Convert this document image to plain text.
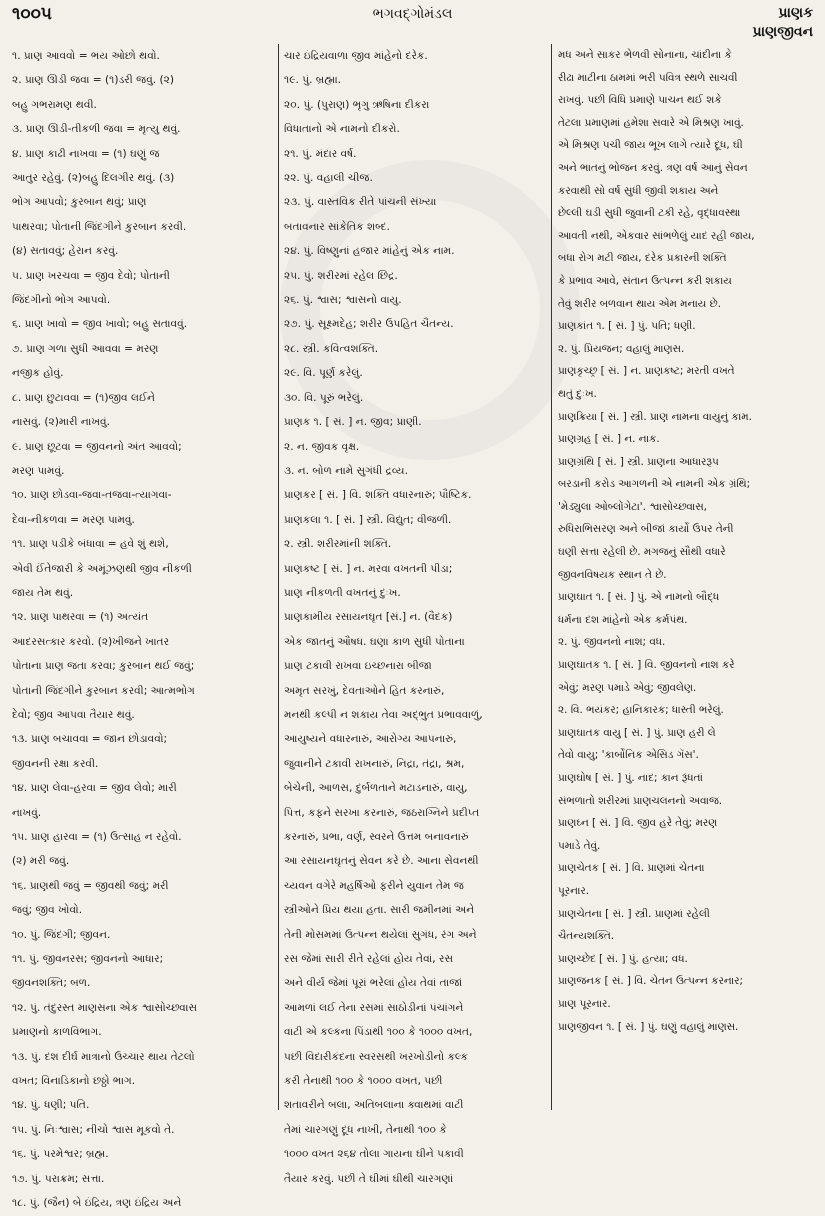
૧૦૦૫	ભગવદ્ગોમંડલ	પ્રાણક
પ્રાણજીવન
૧. પ્રાણ આવવો = ભય ઓછો થવો.
૨. પ્રાણ ઊડી જવા = (૧)ડરી જવું. (૨)
બહુ ગભરામણ થવી.
૩. પ્રાણ ઊડી-તીકળી જવા = મૃત્યુ થવું.
૪. પ્રાણ કાઢી નાખવા = (૧) ઘણું જ
આતુર રહેવું. (૨)બહુ દિલગીર થવું. (૩)
ભોગ આપવો; કુરબાન થવું; પ્રાણ
પાથરવા; પોતાની જિંદગીને કુરબાન કરવી.
(૪) સતાવવું; હેરાન કરવું.
૫. પ્રાણ ખરચવા = જીવ દેવો; પોતાની
જિંદગીનો ભોગ આપવો.
૬. પ્રાણ ખાવો = જીવ ખાવો; બહુ સતાવવું.
૭. પ્રાણ ગળા સુધી આવવા = મરણ
નજીક હોવું.
૮. પ્રાણ છુટાવવા = (૧)જીવ લઈને
નાસવું. (૨)મારી નાખવું.
૯. પ્રાણ છૂટવા = જીવનનો અંત આવવો;
મરણ પામવું.
૧૦. પ્રાણ છોડવા-જવા-તજવા-ત્યાગવા-
દેવા-નીકળવા = મરણ પામવું.
૧૧. પ્રાણ પડીકે બંધાવા = હવે શું થશે,
એવી ઈંતેજારી કે અમૂંઝણથી જીવ નીકળી
જાય તેમ થવું.
૧૨. પ્રાણ પાથરવા = (૧) અત્યંત
આદરસત્કાર કરવો. (૨)ખીજને ખાતર
પોતાના પ્રાણ જતા કરવા; કુરબાન થઈ જવું;
પોતાની જિંદગીને કુરબાન કરવી; આત્મભોગ
દેવો; જીવ આપવા તૈયાર થવું.
૧૩. પ્રાણ બચાવવા = જાન છોડાવવો;
જીવનની રક્ષા કરવી.
૧૪. પ્રાણ લેવા-હરવા = જીવ લેવો; મારી
નાખવું.
૧૫. પ્રાણ હારવા = (૧) ઉત્સાહ ન રહેવો.
(૨) મરી જવું.
૧૬. પ્રાણથી જવું = જીવથી જવું; મરી
જવું; જીવ ખોવો.
૧૦. પું. જિંદગી; જીવન.
૧૧. પું. જીવનરસ; જીવનનો આધાર;
જીવનશક્તિ; બળ.
૧૨. પું. તંદુરસ્ત માણસના એક શ્વાસોચ્છ્વાસ
પ્રમાણનો કાળવિભાગ.
૧૩. પું. દશ દીર્ઘ માત્રાનો ઉચ્ચાર થાય તેટલો
વખત; વિનાડિકાનો છઠ્ઠો ભાગ.
૧૪. પું. ધણી; પતિ.
૧૫. પું. નિઃશ્વાસ; નીચો શ્વાસ મૂકવો તે.
૧૬. પું. પરમેશ્વર; બ્રહ્મ.
૧૭. પું. પરાક્રમ; સત્તા.
૧૮. પું. (જૈન) બે ઇંદ્રિય, ત્રણ ઇંદ્રિય અને
ચાર ઇંદ્રિયવાળા જીવ માંહેનો દરેક.
૧૯. પું. બ્રહ્મા.
૨૦. પું. (પુરાણ) ભૃગુ ઋષિના દીકરા
વિધાતાનો એ નામનો દીકરો.
૨૧. પું. મંદાર વર્ષ.
૨૨. પું. વહાલી ચીજ.
૨૩. પું. વાસ્તવિક રીતે પાંચની સંખ્યા
બતાવનાર સાંકેતિક શબ્દ.
૨૪. પું. વિષ્ણુનાં હજાર માંહેનું એક નામ.
૨૫. પું. શરીરમાં રહેલ છિદ્ર.
૨૬. પું. શ્વાસ; શ્વાસનો વાયુ.
૨૭. પું. સૂક્ષ્મદેહ; શરીર ઉપહિત ચૈતન્ય.
૨૮. સ્ત્રી. કવિત્વશક્તિ.
૨૯. વિ. પૂર્ણ કરેલું.
૩૦. વિ. પૂરું ભરેલું.
પ્રાણક ૧. [ સં. ] ન. જીવ; પ્રાણી.
૨. ન. જીવક વૃક્ષ.
૩. ન. બોળ નામે સુગંધી દ્રવ્ય.
પ્રાણકર [ સં. ] વિ. શક્તિ વધારનારું; પૌષ્ટિક.
પ્રાણકલા ૧. [ સં. ] સ્ત્રી. વિદ્યુત; વીજળી.
૨. સ્ત્રી. શરીરમાંની શક્તિ.
પ્રાણકષ્ટ [ સં. ] ન. મરવા વખતની પીડા;
પ્રાણ નીકળતી વખતનું દુઃખ.
પ્રાણકામીય રસાયનઘૃત [સં.] ન. (વૈદક)
એક જાતનું ઔષધ. ઘણા કાળ સુધી પોતાના
પ્રાણ ટકાવી રાખવા ઇચ્છનારા બીજા
અમૃત સરખું, દેવતાઓને હિત કરનારું,
મનથી કલ્પી ન શકાય તેવા અદ્ભુત પ્રભાવવાળું,
આયુષ્યને વધારનારું, આરોગ્ય આપનારું,
જુવાનીને ટકાવી રાખનારું, નિદ્રા, તંદ્રા, શ્રમ,
બેચેની, આળસ, દુર્બળતાને મટાડનારું, વાયુ,
પિત્ત, કફને સરખા કરનારું, જઠરાગ્નિને પ્રદીપ્ત
કરનારું, પ્રભા, વર્ણ, સ્વરને ઉત્તમ બનાવનારું
આ રસાયનઘૃતનું સેવન કરે છે. આના સેવનથી
ચ્યવન વગેરે મહર્ષિઓ ફરીને યુવાન તેમ જ
સ્ત્રીઓને પ્રિય થયા હતા. સારી જમીનમાં અને
તેની મોસમમાં ઉત્પન્ન થયેલાં સુગંધ, રંગ અને
રસ જેમાં સારી રીતે રહેલાં હોય તેવાં, રસ
અને વીર્ય જેમાં પૂરાં ભરેલાં હોય તેવાં તાજાં
આમળાં લઈ તેના રસમાં સાઠોડીનાં પંચાંગને
વાટી એ કલ્કના પિંડાથી ૧૦૦ કે ૧૦૦૦ વખત,
પછી વિદારીકંદના સ્વરસથી ખરખોડીનો કલ્ક
કરી તેનાથી ૧૦૦ કે ૧૦૦૦ વખત, પછી
શતાવરીને બલા, અતિબલાના ક્વાથમાં વાટી
તેમાં ચારગણું દૂધ નાખી, તેનાથી ૧૦૦ કે
૧૦૦૦ વખત ૨૬૪ તોલા ગાયના ઘીને પકાવી
તૈયાર કરવું. પછી તે ઘીમાં ઘીથી ચારગણાં
મધ અને સાકર ભેળવી સોનાના, ચાંદીના કે
રીઢા માટીના ઠામમાં ભરી પવિત્ર સ્થળે સાચવી
રાખવું. પછી વિધિ પ્રમાણે પાચન થઈ શકે
તેટલા પ્રમાણમાં હમેશા સવારે એ મિશ્રણ ખાવું.
એ મિશ્રણ પચી જાય ભૂખ લાગે ત્યારે દૂધ, ઘી
અને ભાતનું ભોજન કરવું. ત્રણ વર્ષ આનું સેવન
કરવાથી સો વર્ષ સુધી જીવી શકાય અને
છેલ્લી ઘડી સુધી જુવાની ટકી રહે, વૃદ્ધાવસ્થા
આવતી નથી, એકવાર સાંભળેલું યાદ રહી જાય,
બધા રોગ મટી જાય, દરેક પ્રકારની શક્તિ
કે પ્રભાવ આવે, સંતાન ઉત્પન્ન કરી શકાય
તેવું શરીર બળવાન થાય એમ મનાય છે.
પ્રાણકાંત ૧. [ સં. ] પું. પતિ; ધણી.
૨. પું. પ્રિયજન; વહાલું માણસ.
પ્રાણકૃચ્છ્ર [ સં. ] ન. પ્રાણકષ્ટ; મરતી વખતે
થતું દુઃખ.
પ્રાણક્રિયા [ સં. ] સ્ત્રી. પ્રાણ નામના વાયુનું કામ.
પ્રાણગ્રહ [ સં. ] ન. નાક.
પ્રાણગ્રંથિ [ સં. ] સ્ત્રી. પ્રાણના આધારરૂપ
બરડાની કરોડ આગળની એ નામની એક ગ્રંથિ;
'મેડ્યુલા ઓબ્લોંગેટા'. શ્વાસોચ્છ્વાસ,
રુધિરાભિસરણ અને બીજાં કાર્યો ઉપર તેની
ઘણી સત્તા રહેલી છે. મગજનું સૌથી વધારે
જીવનવિષયક સ્થાન તે છે.
પ્રાણઘાત ૧. [ સં. ] પું. એ નામનો બૌદ્ધ
ધર્મના દશ માંહેનો એક કર્મપંથ.
૨. પું. જીવનનો નાશ; વધ.
પ્રાણઘાતક ૧. [ સં. ] વિ. જીવનનો નાશ કરે
એવું; મરણ પમાડે એવું; જીવલેણ.
૨. વિ. ભયંકર; હાનિકારક; ધાસ્તી ભરેલું.
પ્રાણઘાતક વાયુ [ સં. ] પું. પ્રાણ હરી લે
તેવો વાયુ; 'કાર્બોનિક એસિડ ગૅસ'.
પ્રાણઘોષ [ સં. ] પું. નાદ; કાન રૂંધતાં
સંભળાતો શરીરમાં પ્રાણચલનનો અવાજ.
પ્રાણઘ્ન [ સં. ] વિ. જીવ હરે તેવું; મરણ
પમાડે તેવું.
પ્રાણચેતક [ સં. ] વિ. પ્રાણમાં ચેતના
પૂરનાર.
પ્રાણચેતના [ સં. ] સ્ત્રી. પ્રાણમાં રહેલી
ચૈતન્યશક્તિ.
પ્રાણચ્છેદ [ સં. ] પું. હત્યા; વધ.
પ્રાણજનક [ સં. ] વિ. ચેતન ઉત્પન્ન કરનાર;
પ્રાણ પૂરનાર.
પ્રાણજીવન ૧. [ સં. ] પું. ઘણું વહાલું માણસ.
